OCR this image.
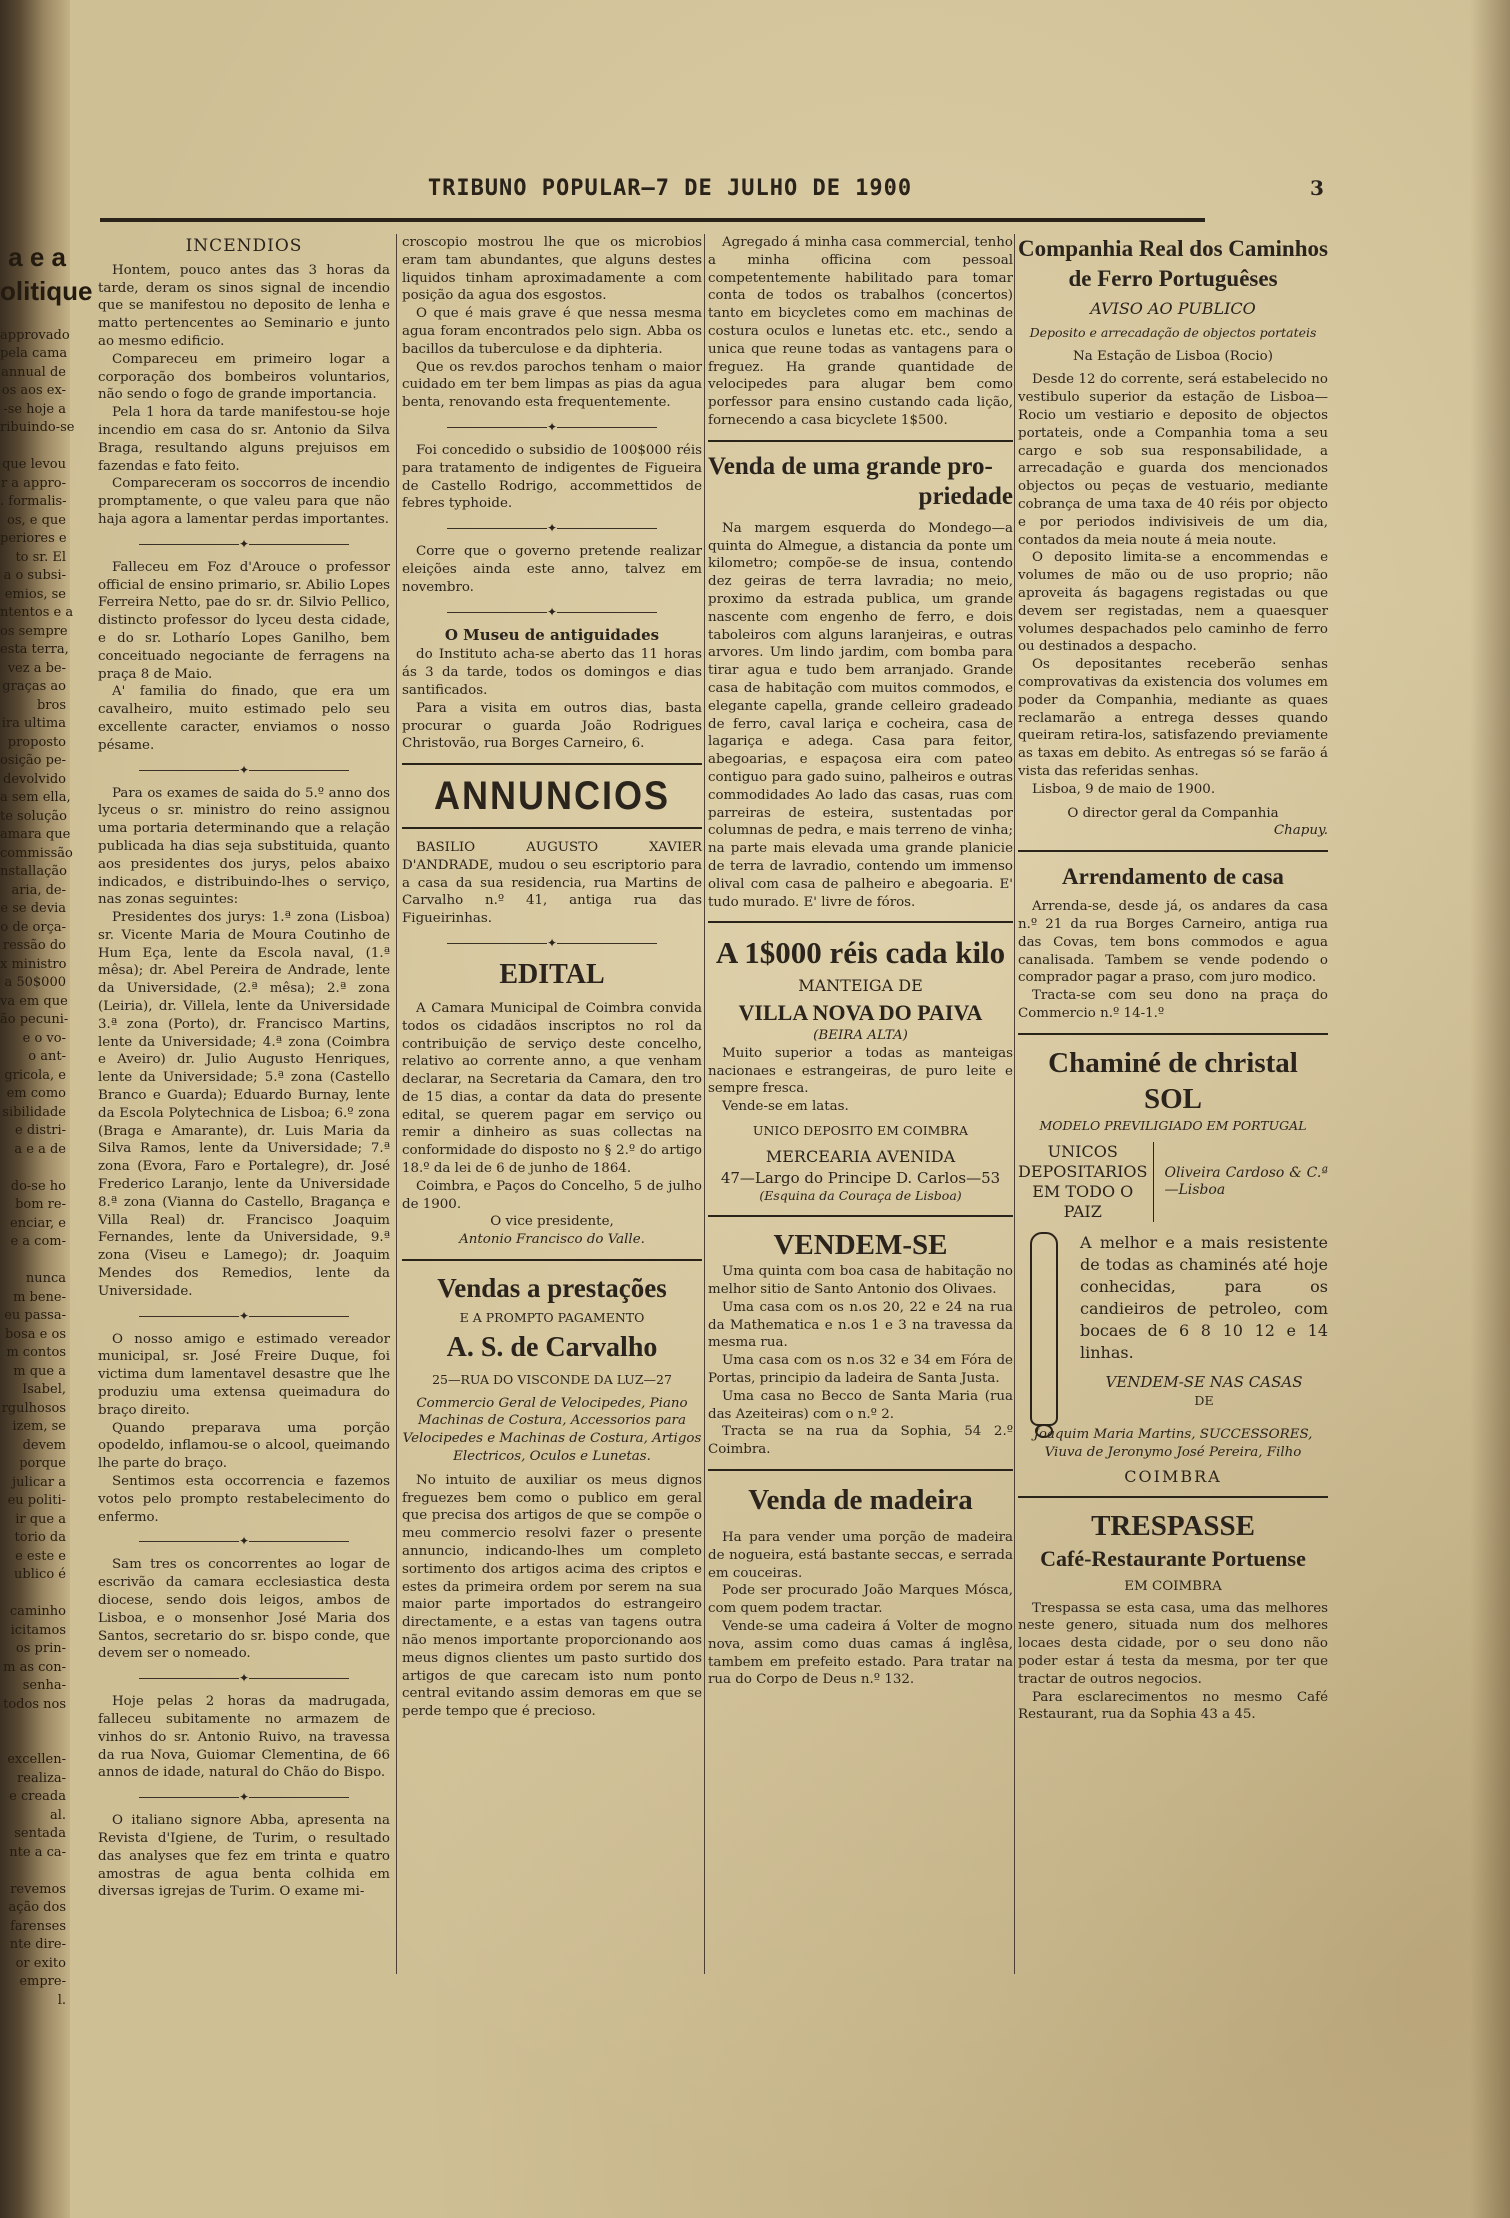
a e a
olitique

approvado
pela cama
annual de
os aos ex-
-se hoje a
ribuindo-se

que levou
r a appro-
. formalis-
os, e que
periores e
to sr. El
a o subsi-
emios, se
ntentos e a
os sempre
esta terra,
vez a be-
graças ao
bros
ira ultima
proposto
osição pe-
devolvido
a sem ella,
te solução
amara que
commissão
nstallação
aria, de-
e se devia
o de orça-
ressão do
x ministro
a 50$000
va em que
ão pecuni-
e o vo-
o ant-
gricola, e
em como
sibilidade
e distri-
a e a de

do-se ho
bom re-
enciar, e
e a com-

nunca
m bene-
eu passa-
bosa e os
m contos
m que a
Isabel,
rgulhosos
izem, se
devem
porque
julicar a
eu politi-
ir que a
torio da
e este e
ublico é

caminho
icitamos
os prin-
m as con-
senha-
todos nos

excellen-
realiza-
e creada
al.
sentada
nte a ca-

revemos
ação dos
farenses
nte dire-
or exito
empre-
l.
TRIBUNO POPULAR—7 DE JULHO DE 1900	3
INCENDIOS

Hontem, pouco antes das 3 horas da tarde, deram os sinos signal de incendio que se manifestou no deposito de lenha e matto pertencentes ao Seminario e junto ao mesmo edificio.

Compareceu em primeiro logar a corporação dos bombeiros voluntarios, não sendo o fogo de grande importancia.

Pela 1 hora da tarde manifestou-se hoje incendio em casa do sr. Antonio da Silva Braga, resultando alguns prejuisos em fazendas e fato feito.

Compareceram os soccorros de incendio promptamente, o que valeu para que não haja agora a lamentar perdas importantes.

✦

Falleceu em Foz d'Arouce o professor official de ensino primario, sr. Abilio Lopes Ferreira Netto, pae do sr. dr. Silvio Pellico, distincto professor do lyceu desta cidade, e do sr. Lotharío Lopes Ganilho, bem conceituado negociante de ferragens na praça 8 de Maio.

A' familia do finado, que era um cavalheiro, muito estimado pelo seu excellente caracter, enviamos o nosso pésame.

✦

Para os exames de saida do 5.º anno dos lyceus o sr. ministro do reino assignou uma portaria determinando que a relação publicada ha dias seja substituida, quanto aos presidentes dos jurys, pelos abaixo indicados, e distribuindo-lhes o serviço, nas zonas seguintes:

Presidentes dos jurys: 1.ª zona (Lisboa) sr. Vicente Maria de Moura Coutinho de Hum Eça, lente da Escola naval, (1.ª mêsa); dr. Abel Pereira de Andrade, lente da Universidade, (2.ª mêsa); 2.ª zona (Leiria), dr. Villela, lente da Universidade 3.ª zona (Porto), dr. Francisco Martins, lente da Universidade; 4.ª zona (Coimbra e Aveiro) dr. Julio Augusto Henriques, lente da Universidade; 5.ª zona (Castello Branco e Guarda); Eduardo Burnay, lente da Escola Polytechnica de Lisboa; 6.º zona (Braga e Amarante), dr. Luis Maria da Silva Ramos, lente da Universidade; 7.ª zona (Evora, Faro e Portalegre), dr. José Frederico Laranjo, lente da Universidade 8.ª zona (Vianna do Castello, Bragança e Villa Real) dr. Francisco Joaquim Fernandes, lente da Universidade, 9.ª zona (Viseu e Lamego); dr. Joaquim Mendes dos Remedios, lente da Universidade.

✦

O nosso amigo e estimado vereador municipal, sr. José Freire Duque, foi victima dum lamentavel desastre que lhe produziu uma extensa queimadura do braço direito.

Quando preparava uma porção opodeldo, inflamou-se o alcool, queimando lhe parte do braço.

Sentimos esta occorrencia e fazemos votos pelo prompto restabelecimento do enfermo.

✦

Sam tres os concorrentes ao logar de escrivão da camara ecclesiastica desta diocese, sendo dois leigos, ambos de Lisboa, e o monsenhor José Maria dos Santos, secretario do sr. bispo conde, que devem ser o nomeado.

✦

Hoje pelas 2 horas da madrugada, falleceu subitamente no armazem de vinhos do sr. Antonio Ruivo, na travessa da rua Nova, Guiomar Clementina, de 66 annos de idade, natural do Chão do Bispo.

✦

O italiano signore Abba, apresenta na Revista d'Igiene, de Turim, o resultado das analyses que fez em trinta e quatro amostras de agua benta colhida em diversas igrejas de Turim. O exame mi-

croscopio mostrou lhe que os microbios eram tam abundantes, que alguns destes liquidos tinham aproximadamente a com posição da agua dos esgostos.

O que é mais grave é que nessa mesma agua foram encontrados pelo sign. Abba os bacillos da tuberculose e da diphteria.

Que os rev.dos parochos tenham o maior cuidado em ter bem limpas as pias da agua benta, renovando esta frequentemente.

✦

Foi concedido o subsidio de 100$000 réis para tratamento de indigentes de Figueira de Castello Rodrigo, accommettidos de febres typhoide.

✦

Corre que o governo pretende realizar eleições ainda este anno, talvez em novembro.

✦
O Museu de antiguidades

do Instituto acha-se aberto das 11 horas ás 3 da tarde, todos os domingos e dias santificados.

Para a visita em outros dias, basta procurar o guarda João Rodrigues Christovão, rua Borges Carneiro, 6.

ANNUNCIOS

BASILIO AUGUSTO XAVIER D'ANDRADE, mudou o seu escriptorio para a casa da sua residencia, rua Martins de Carvalho n.º 41, antiga rua das Figueirinhas.

✦
EDITAL

A Camara Municipal de Coimbra convida todos os cidadãos inscriptos no rol da contribuição de serviço deste concelho, relativo ao corrente anno, a que venham declarar, na Secretaria da Camara, den tro de 15 dias, a contar da data do presente edital, se querem pagar em serviço ou remir a dinheiro as suas collectas na conformidade do disposto no § 2.º do artigo 18.º da lei de 6 de junho de 1864.

Coimbra, e Paços do Concelho, 5 de julho de 1900.

O vice presidente,

Antonio Francisco do Valle.

Vendas a prestações
E A PROMPTO PAGAMENTO
A. S. de Carvalho
25—RUA DO VISCONDE DA LUZ—27

Commercio Geral de Velocipedes, Piano Machinas de Costura, Accessorios para Velocipedes e Machinas de Costura, Artigos Electricos, Oculos e Lunetas.

No intuito de auxiliar os meus dignos freguezes bem como o publico em geral que precisa dos artigos de que se compõe o meu commercio resolvi fazer o presente annuncio, indicando-lhes um completo sortimento dos artigos acima des criptos e estes da primeira ordem por serem na sua maior parte importados do estrangeiro directamente, e a estas van tagens outra não menos importante proporcionando aos meus dignos clientes um pasto surtido dos artigos de que carecam isto num ponto central evitando assim demoras em que se perde tempo que é precioso.

Agregado á minha casa commercial, tenho a minha officina com pessoal competentemente habilitado para tomar conta de todos os trabalhos (concertos) tanto em bicycletes como em machinas de costura oculos e lunetas etc. etc., sendo a unica que reune todas as vantagens para o freguez. Ha grande quantidade de velocipedes para alugar bem como porfessor para ensino custando cada lição, fornecendo a casa bicyclete 1$500.

Venda de uma grande pro-
priedade

Na margem esquerda do Mondego—a quinta do Almegue, a distancia da ponte um kilometro; compõe-se de insua, contendo dez geiras de terra lavradia; no meio, proximo da estrada publica, um grande nascente com engenho de ferro, e dois taboleiros com alguns laranjeiras, e outras arvores. Um lindo jardim, com bomba para tirar agua e tudo bem arranjado. Grande casa de habitação com muitos commodos, e elegante capella, grande celleiro gradeado de ferro, caval lariça e cocheira, casa de lagariça e adega. Casa para feitor, abegoarias, e espaçosa eira com pateo contiguo para gado suino, palheiros e outras commodidades Ao lado das casas, ruas com parreiras de esteira, sustentadas por columnas de pedra, e mais terreno de vinha; na parte mais elevada uma grande planicie de terra de lavradio, contendo um immenso olival com casa de palheiro e abegoaria. E' tudo murado. E' livre de fóros.

A 1$000 réis cada kilo
MANTEIGA DE
VILLA NOVA DO PAIVA
(BEIRA ALTA)

Muito superior a todas as manteigas nacionaes e estrangeiras, de puro leite e sempre fresca.

Vende-se em latas.

UNICO DEPOSITO EM COIMBRA
MERCEARIA AVENIDA
47—Largo do Principe D. Carlos—53
(Esquina da Couraça de Lisboa)
VENDEM-SE

Uma quinta com boa casa de habitação no melhor sitio de Santo Antonio dos Olivaes.

Uma casa com os n.os 20, 22 e 24 na rua da Mathematica e n.os 1 e 3 na travessa da mesma rua.

Uma casa com os n.os 32 e 34 em Fóra de Portas, principio da ladeira de Santa Justa.

Uma casa no Becco de Santa Maria (rua das Azeiteiras) com o n.º 2.

Tracta se na rua da Sophia, 54 2.º Coimbra.

Venda de madeira

Ha para vender uma porção de madeira de nogueira, está bastante seccas, e serrada em couceiras.

Pode ser procurado João Marques Mósca, com quem podem tractar.

Vende-se uma cadeira á Volter de mogno nova, assim como duas camas á inglêsa, tambem em prefeito estado. Para tratar na rua do Corpo de Deus n.º 132.

Companhia Real dos Caminhos
de Ferro Portuguêses
AVISO AO PUBLICO
Deposito e arrecadação de objectos portateis
Na Estação de Lisboa (Rocio)

Desde 12 do corrente, será estabelecido no vestibulo superior da estação de Lisboa—Rocio um vestiario e deposito de objectos portateis, onde a Companhia toma a seu cargo e sob sua responsabilidade, a arrecadação e guarda dos mencionados objectos ou peças de vestuario, mediante cobrança de uma taxa de 40 réis por objecto e por periodos indivisiveis de um dia, contados da meia noute á meia noute.

O deposito limita-se a encommendas e volumes de mão ou de uso proprio; não aproveita ás bagagens registadas ou que devem ser registadas, nem a quaesquer volumes despachados pelo caminho de ferro ou destinados a despacho.

Os depositantes receberão senhas comprovativas da existencia dos volumes em poder da Companhia, mediante as quaes reclamarão a entrega desses quando queiram retira-los, satisfazendo previamente as taxas em debito. As entregas só se farão á vista das referidas senhas.

Lisboa, 9 de maio de 1900.

O director geral da Companhia

Chapuy.

Arrendamento de casa

Arrenda-se, desde já, os andares da casa n.º 21 da rua Borges Carneiro, antiga rua das Covas, tem bons commodos e agua canalisada. Tambem se vende podendo o comprador pagar a praso, com juro modico.

Tracta-se com seu dono na praça do Commercio n.º 14-1.º

Chaminé de christal SOL
MODELO PREVILIGIADO EM PORTUGAL
UNICOS DEPOSITARIOS EM TODO O PAIZ
Oliveira Cardoso & C.ª—Lisboa

A melhor e a mais resistente de todas as chaminés até hoje conhecidas, para os candieiros de petroleo, com bocaes de 6 8 10 12 e 14 linhas.

VENDEM-SE NAS CASAS
DE
Joaquim Maria Martins, SUCCESSORES, Viuva de Jeronymo José Pereira, Filho
COIMBRA
TRESPASSE
Café-Restaurante Portuense
EM COIMBRA

Trespassa se esta casa, uma das melhores neste genero, situada num dos melhores locaes desta cidade, por o seu dono não poder estar á testa da mesma, por ter que tractar de outros negocios.

Para esclarecimentos no mesmo Café Restaurant, rua da Sophia 43 a 45.
